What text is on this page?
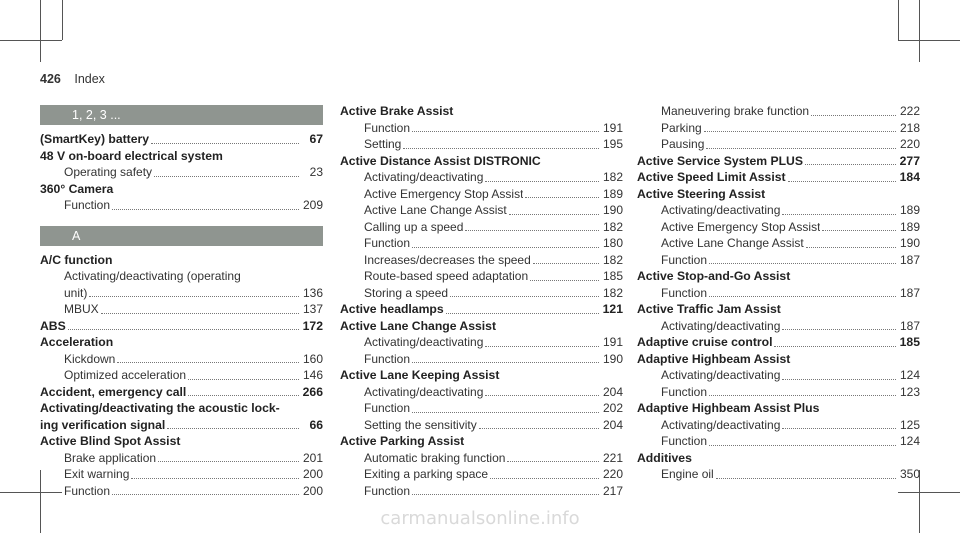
426 Index
1, 2, 3 ...
(SmartKey) battery	67
48 V on-board electrical system
Operating safety	23
360° Camera
Function	209
A
A/C function
Activating/deactivating (operating
unit)	136
MBUX	137
ABS	172
Acceleration
Kickdown	160
Optimized acceleration	146
Accident, emergency call	266
Activating/deactivating the acoustic lock-
ing verification signal	66
Active Blind Spot Assist
Brake application	201
Exit warning	200
Function	200
Active Brake Assist
Function	191
Setting	195
Active Distance Assist DISTRONIC
Activating/deactivating	182
Active Emergency Stop Assist	189
Active Lane Change Assist	190
Calling up a speed	182
Function	180
Increases/decreases the speed	182
Route-based speed adaptation	185
Storing a speed	182
Active headlamps	121
Active Lane Change Assist
Activating/deactivating	191
Function	190
Active Lane Keeping Assist
Activating/deactivating	204
Function	202
Setting the sensitivity	204
Active Parking Assist
Automatic braking function	221
Exiting a parking space	220
Function	217
Maneuvering brake function	222
Parking	218
Pausing	220
Active Service System PLUS	277
Active Speed Limit Assist	184
Active Steering Assist
Activating/deactivating	189
Active Emergency Stop Assist	189
Active Lane Change Assist	190
Function	187
Active Stop-and-Go Assist
Function	187
Active Traffic Jam Assist
Activating/deactivating	187
Adaptive cruise control	185
Adaptive Highbeam Assist
Activating/deactivating	124
Function	123
Adaptive Highbeam Assist Plus
Activating/deactivating	125
Function	124
Additives
Engine oil	350
carmanualsonline.info
